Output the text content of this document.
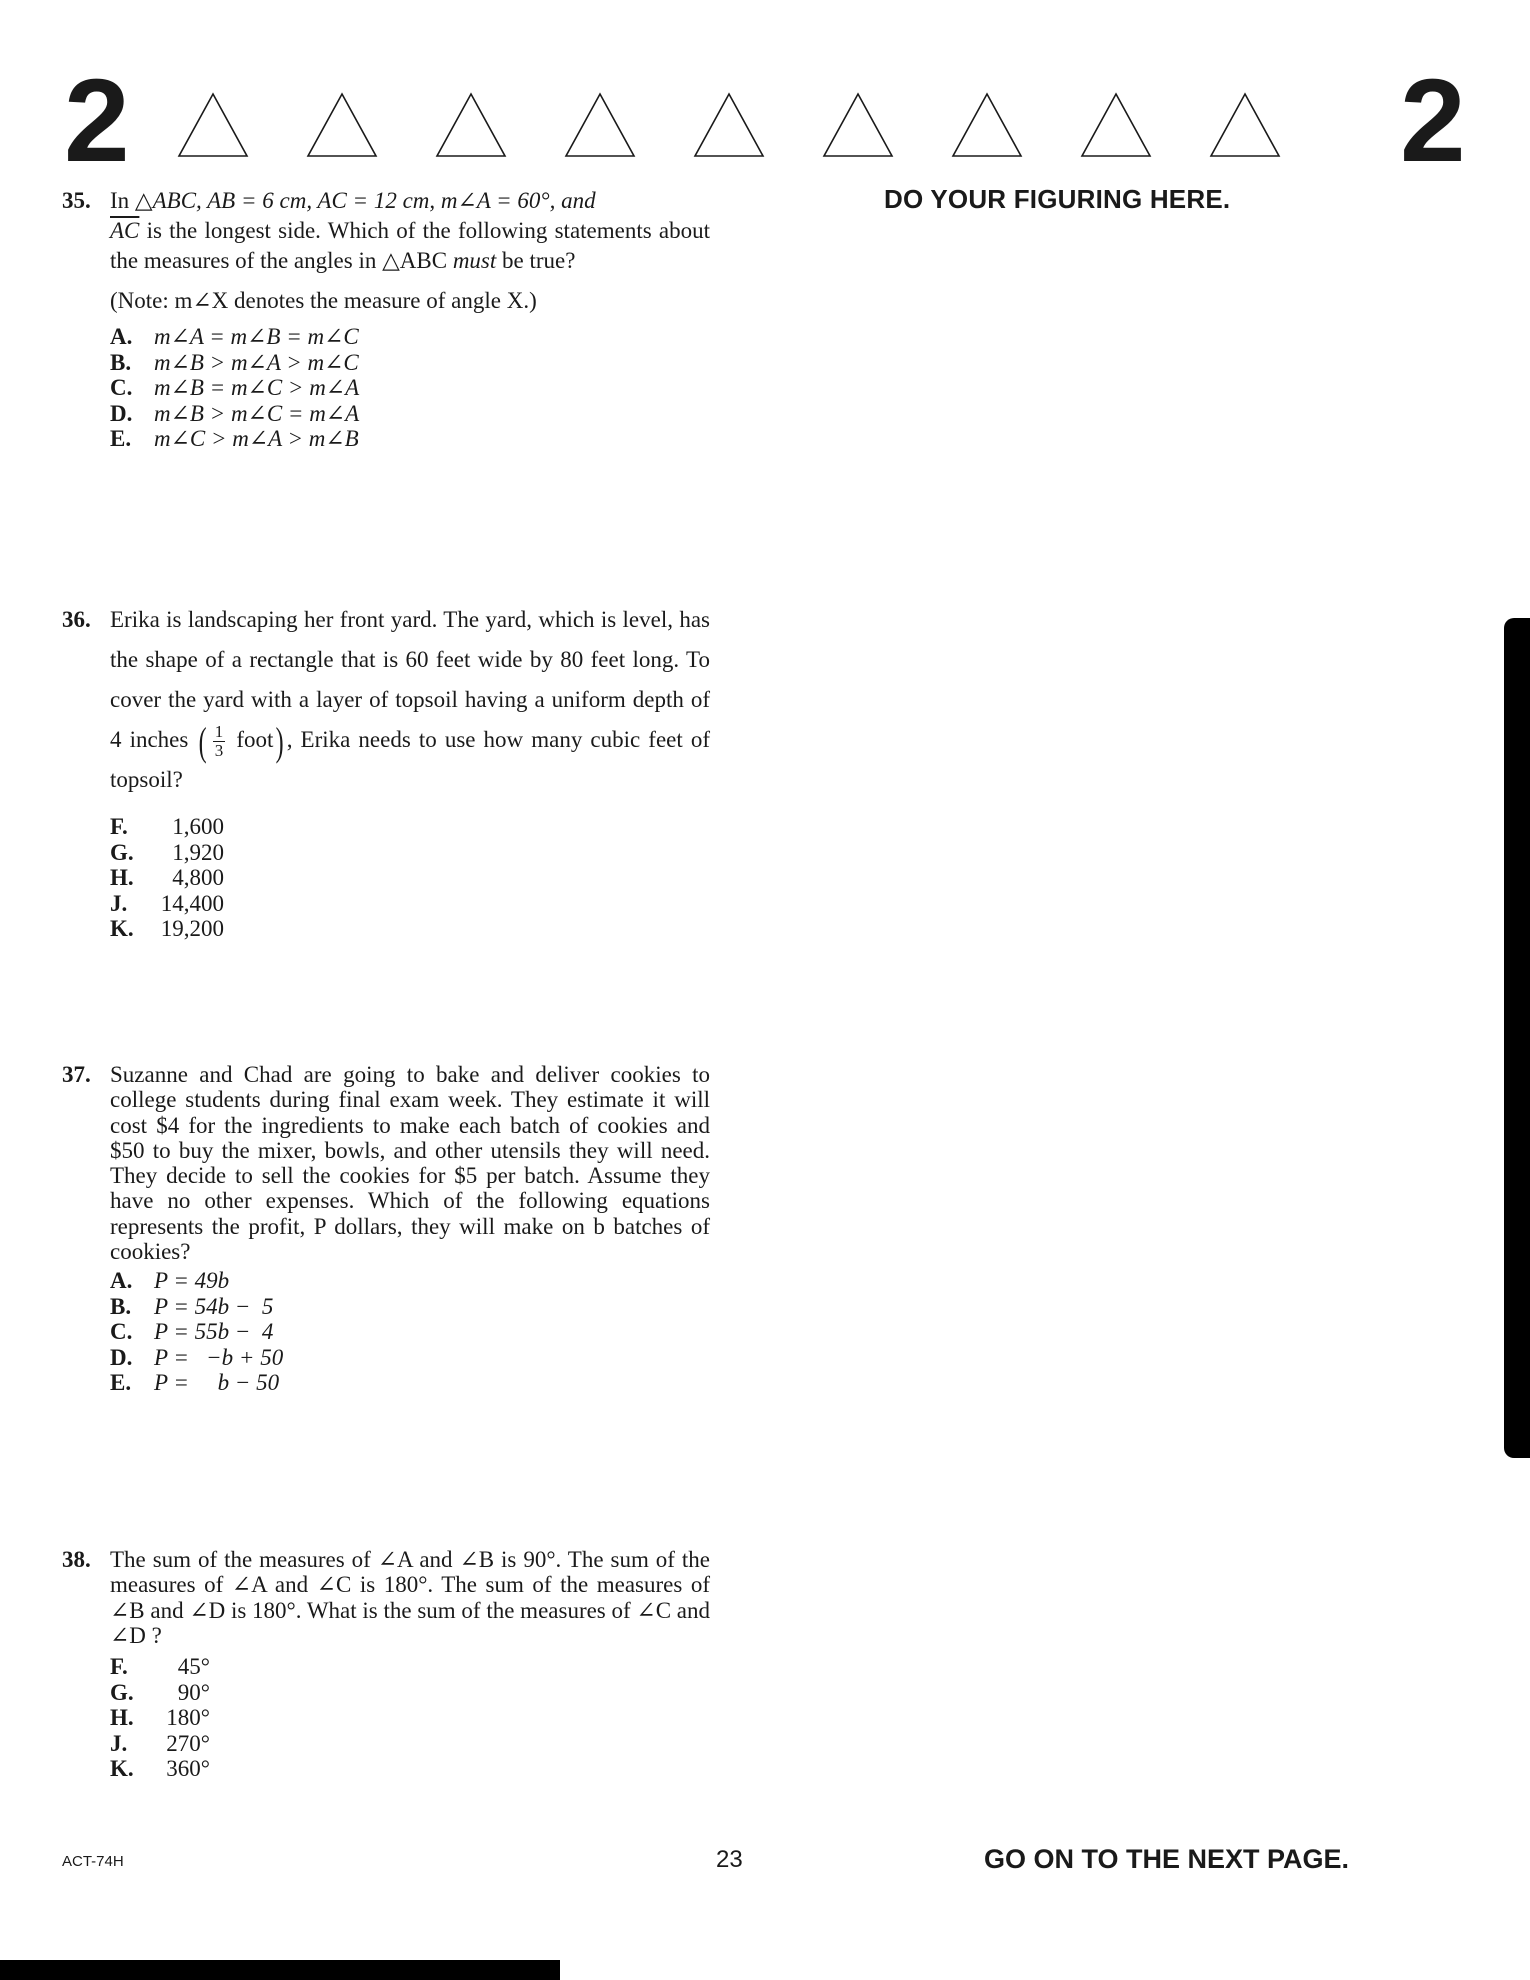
2	2
DO YOUR FIGURING HERE.
35. In △ABC, AB = 6 cm, AC = 12 cm, m∠A = 60°, and
$\overline{AC}$ is the longest side. Which of the following statements about the measures of the angles in △ABC must be true?

(Note: m∠X denotes the measure of angle X.)

A. m∠A = m∠B = m∠C
B. m∠B > m∠A > m∠C
C. m∠B = m∠C > m∠A
D. m∠B > m∠C = m∠A
E. m∠C > m∠A > m∠B
36. Erika is landscaping her front yard. The yard, which is level, has the shape of a rectangle that is 60 feet wide by 80 feet long. To cover the yard with a layer of topsoil having a uniform depth of 4 inches ( $\frac{1}{3}$ foot) , Erika needs to use how many cubic feet of topsoil?

F.	1,600
G.	1,920
H.	4,800
J.	14,400
K.	19,200
37. Suzanne and Chad are going to bake and deliver cookies to college students during final exam week. They estimate it will cost $4 for the ingredients to make each batch of cookies and $50 to buy the mixer, bowls, and other utensils they will need. They decide to sell the cookies for $5 per batch. Assume they have no other expenses. Which of the following equations represents the profit, P dollars, they will make on b batches of cookies?

A. P = 49b
B. P = 54b −  5
C. P = 55b −  4
D. P =   −b + 50
E. P =     b − 50
38. The sum of the measures of ∠A and ∠B is 90°. The sum of the measures of ∠A and ∠C is 180°. The sum of the measures of ∠B and ∠D is 180°. What is the sum of the measures of ∠C and ∠D ?

F.	45°
G.	90°
H.	180°
J.	270°
K.	360°
ACT-74H	23	GO ON TO THE NEXT PAGE.
